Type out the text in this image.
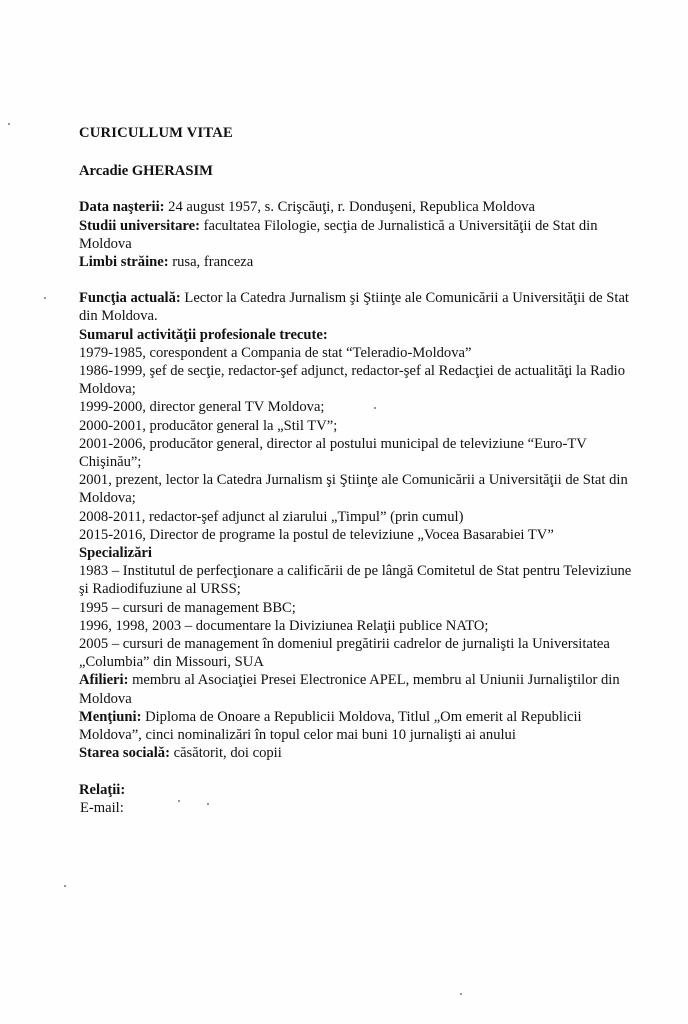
CURICULLUM VITAE
Arcadie GHERASIM
Data naşterii: 24 august 1957, s. Crişcăuţi, r. Donduşeni, Republica Moldova
Studii universitare: facultatea Filologie, secţia de Jurnalistică a Universităţii de Stat din Moldova
Limbi străine: rusa, franceza
Funcţia actuală: Lector la Catedra Jurnalism şi Ştiinţe ale Comunicării a Universităţii de Stat din Moldova.
Sumarul activităţii profesionale trecute:
1979-1985, corespondent a Compania de stat “Teleradio-Moldova”
1986-1999, şef de secţie, redactor-şef adjunct, redactor-şef al Redacţiei de actualităţi la Radio Moldova;
1999-2000, director general TV Moldova;
2000-2001, producător general la „Stil TV”;
2001-2006, producător general, director al postului municipal de televiziune “Euro-TV Chişinău”;
2001, prezent, lector la Catedra Jurnalism şi Ştiinţe ale Comunicării a Universităţii de Stat din Moldova;
2008-2011, redactor-şef adjunct al ziarului „Timpul” (prin cumul)
2015-2016, Director de programe la postul de televiziune „Vocea Basarabiei TV”
Specializări
1983 – Institutul de perfecţionare a calificării de pe lângă Comitetul de Stat pentru Televiziune şi Radiodifuziune al URSS;
1995 – cursuri de management BBC;
1996, 1998, 2003 – documentare la Diviziunea Relaţii publice NATO;
2005 – cursuri de management în domeniul pregătirii cadrelor de jurnalişti la Universitatea „Columbia” din Missouri, SUA
Afilieri: membru al Asociaţiei Presei Electronice APEL, membru al Uniunii Jurnaliştilor din Moldova
Menţiuni: Diploma de Onoare a Republicii Moldova, Titlul „Om emerit al Republicii Moldova”, cinci nominalizări în topul celor mai buni 10 jurnalişti ai anului
Starea socială: căsătorit, doi copii
Relaţii:
E-mail:
